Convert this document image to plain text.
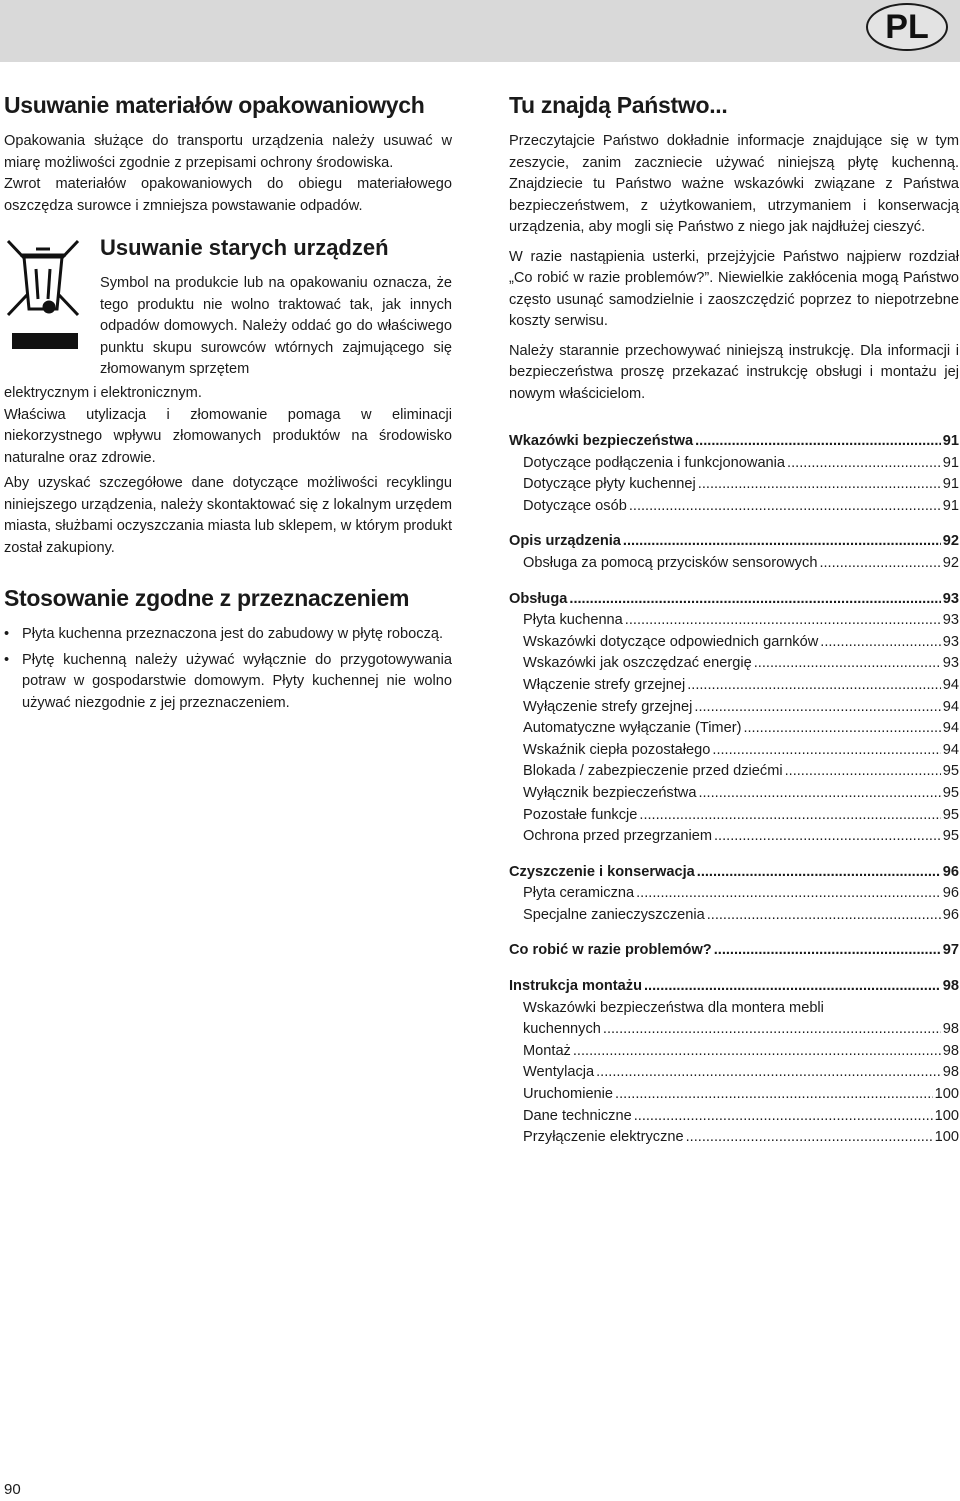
PL
Usuwanie materiałów opakowaniowych

Opakowania służące do transportu urządzenia należy usuwać w miarę możliwości zgodnie z przepisami ochrony środowiska.

Zwrot materiałów opakowaniowych do obiegu materiałowego oszczędza surowce i zmniejsza powstawanie odpadów.

Usuwanie starych urządzeń

Symbol na produkcie lub na opakowaniu oznacza, że tego produktu nie wolno traktować tak, jak innych odpadów domowych. Należy oddać go do właściwego punktu skupu surowców wtórnych zajmującego się złomowanym sprzętem

elektrycznym i elektronicznym.

Właściwa utylizacja i złomowanie pomaga w eliminacji niekorzystnego wpływu złomowanych produktów na środowisko naturalne oraz zdrowie.

Aby uzyskać szczegółowe dane dotyczące możliwości recyklingu niniejszego urządzenia, należy skontaktować się z lokalnym urzędem miasta, służbami oczyszczania miasta lub sklepem, w którym produkt został zakupiony.

Stosowanie zgodne z przeznaczeniem
• Płyta kuchenna przeznaczona jest do zabudowy w płytę roboczą.
• Płytę kuchenną należy używać wyłącznie do przygotowywania potraw w gospodarstwie domowym. Płyty kuchennej nie wolno używać niezgodnie z jej przeznaczeniem.
Tu znajdą Państwo...

Przeczytajcie Państwo dokładnie informacje znajdujące się w tym zeszycie, zanim zaczniecie używać niniejszą płytę kuchenną. Znajdziecie tu Państwo ważne wskazówki związane z Państwa bezpieczeństwem, z użytkowaniem, utrzymaniem i konserwacją urządzenia, aby mogli się Państwo z niego jak najdłużej cieszyć.

W razie nastąpienia usterki, przejżyjcie Państwo najpierw rozdział „Co robić w razie problemów?”. Niewielkie zakłócenia mogą Państwo często usunąć samodzielnie i zaoszczędzić poprzez to niepotrzebne koszty serwisu.

Należy starannie przechowywać niniejszą instrukcję. Dla informacji i bezpieczeństwa proszę przekazać instrukcję obsługi i montażu jej nowym właścicielom.

Wkazówki bezpieczeństwa .....	91
Dotyczące podłączenia i funkcjonowania .....	91
Dotyczące płyty kuchennej .....	91
Dotyczące osób .....	91
Opis urządzenia .....	92
Obsługa za pomocą przycisków sensorowych .....	92
Obsługa .....	93
Płyta kuchenna .....	93
Wskazówki dotyczące odpowiednich garnków .....	93
Wskazówki jak oszczędzać energię .....	93
Włączenie strefy grzejnej .....	94
Wyłączenie strefy grzejnej .....	94
Automatyczne wyłączanie (Timer) .....	94
Wskaźnik ciepła pozostałego .....	94
Blokada / zabezpieczenie przed dziećmi .....	95
Wyłącznik bezpieczeństwa .....	95
Pozostałe funkcje .....	95
Ochrona przed przegrzaniem .....	95
Czyszczenie i konserwacja .....	96
Płyta ceramiczna .....	96
Specjalne zanieczyszczenia .....	96
Co robić w razie problemów? .....	97
Instrukcja montażu .....	98
Wskazówki bezpieczeństwa dla montera mebli
kuchennych .....	98
Montaż .....	98
Wentylacja .....	98
Uruchomienie .....	100
Dane techniczne .....	100
Przyłączenie elektryczne .....	100
90
